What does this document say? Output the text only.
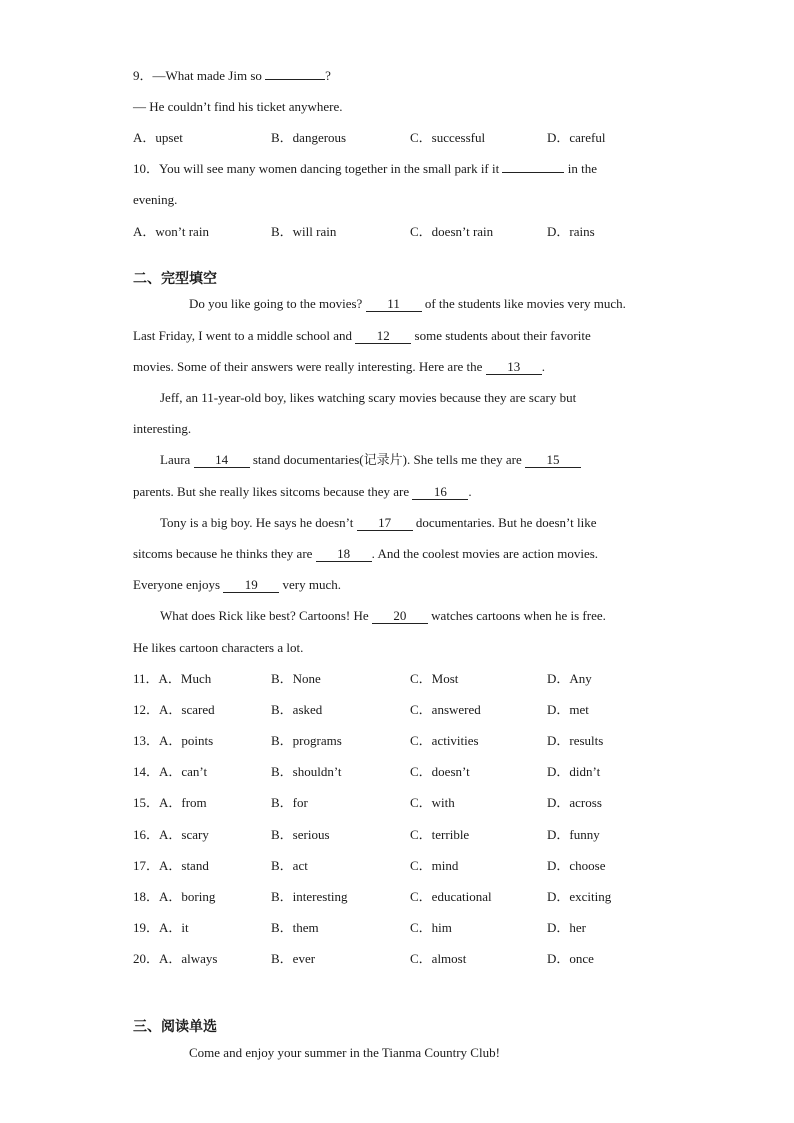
9．—What made Jim so	?
— He couldn’t find his ticket anywhere.
A．upset	B．dangerous	C．successful	D．careful
10．You will see many women dancing together in the small park if it	in the
evening.
A．won’t rain	B．will rain	C．doesn’t rain	D．rains
二、完型填空
Do you like going to the movies? 11 of the students like movies very much.
Last Friday, I went to a middle school and 12 some students about their favorite
movies. Some of their answers were really interesting. Here are the 13 .
Jeff, an 11-year-old boy, likes watching scary movies because they are scary but
interesting.
Laura 14 stand documentaries(记录片). She tells me they are 15
parents. But she really likes sitcoms because they are 16 .
Tony is a big boy. He says he doesn’t 17 documentaries. But he doesn’t like
sitcoms because he thinks they are 18 . And the coolest movies are action movies.
Everyone enjoys 19 very much.
What does Rick like best? Cartoons! He 20 watches cartoons when he is free.
He likes cartoon characters a lot.
11．A．Much	B．None	C．Most	D．Any
12．A．scared	B．asked	C．answered	D．met
13．A．points	B．programs	C．activities	D．results
14．A．can’t	B．shouldn’t	C．doesn’t	D．didn’t
15．A．from	B．for	C．with	D．across
16．A．scary	B．serious	C．terrible	D．funny
17．A．stand	B．act	C．mind	D．choose
18．A．boring	B．interesting	C．educational	D．exciting
19．A．it	B．them	C．him	D．her
20．A．always	B．ever	C．almost	D．once
三、阅读单选
Come and enjoy your summer in the Tianma Country Club!
